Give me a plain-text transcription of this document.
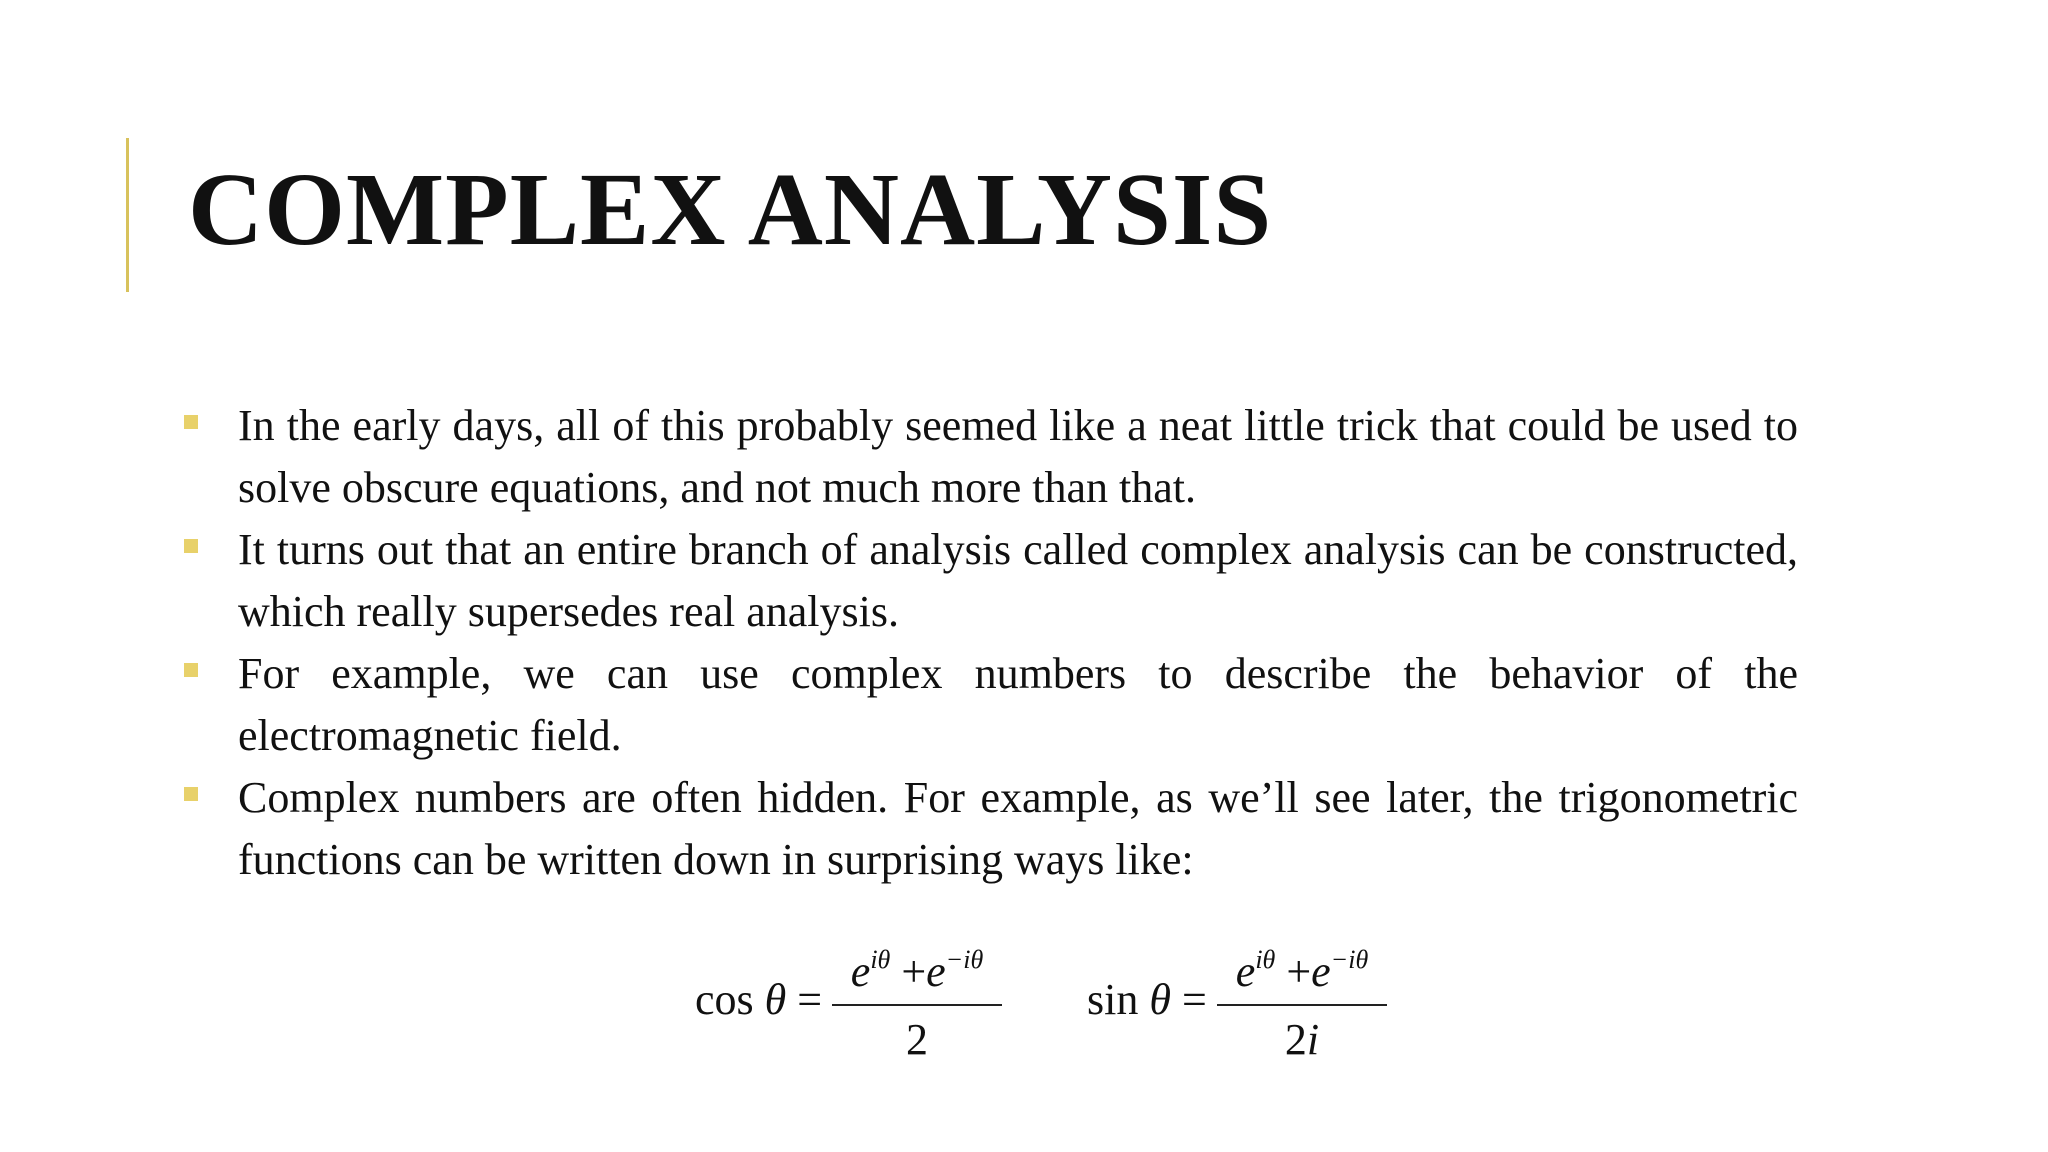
COMPLEX ANALYSIS
In the early days, all of this probably seemed like a neat little trick that could be used to solve obscure equations, and not much more than that.
It turns out that an entire branch of analysis called complex analysis can be constructed, which really supersedes real analysis.
For example, we can use complex numbers to describe the behavior of the electromagnetic field.
Complex numbers are often hidden. For example, as we’ll see later, the trigonometric functions can be written down in surprising ways like:
cos θ =
$e^{i\theta} +e^{-i\theta}$
2
sin θ =
$e^{i\theta} +e^{-i\theta}$
2i
